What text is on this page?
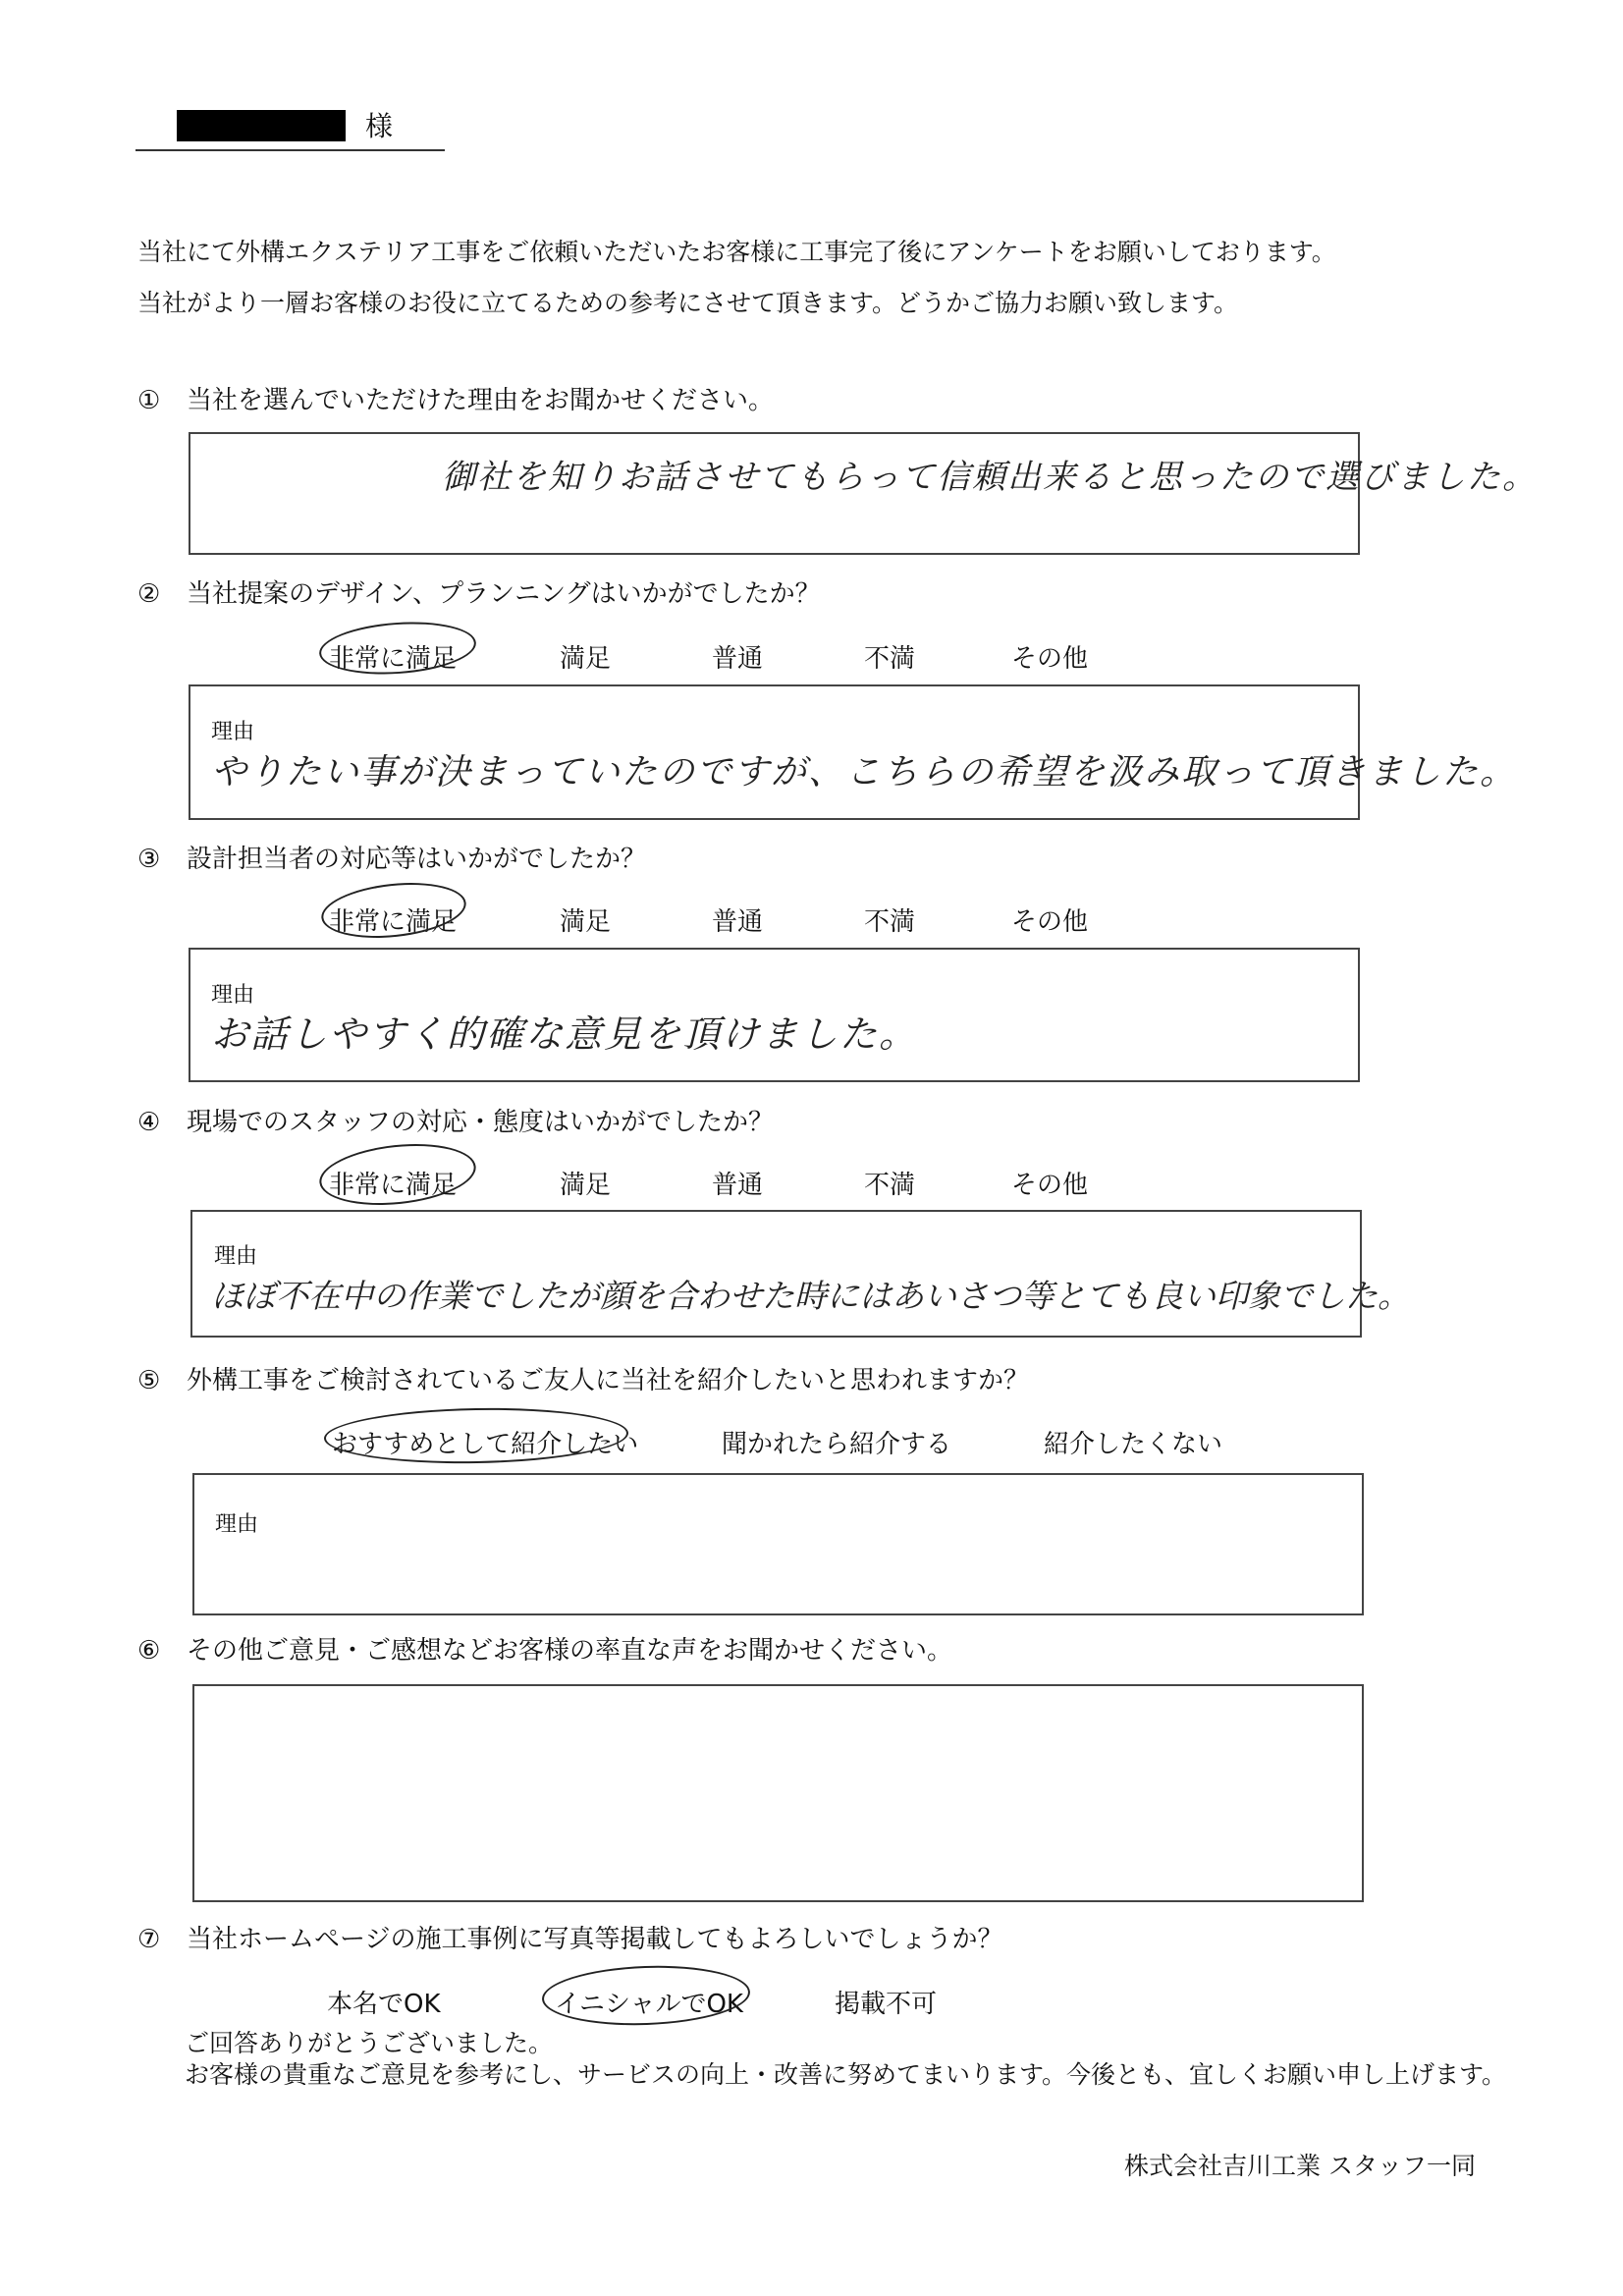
様
当社にて外構エクステリア工事をご依頼いただいたお客様に工事完了後にアンケートをお願いしております。
当社がより一層お客様のお役に立てるための参考にさせて頂きます。どうかご協力お願い致します。
① 当社を選んでいただけた理由をお聞かせください。
御社を知りお話させてもらって信頼出来ると思ったので選びました。
② 当社提案のデザイン、プランニングはいかがでしたか？
非常に満足	満足	普通	不満	その他
理由
やりたい事が決まっていたのですが、こちらの希望を汲み取って頂きました。
③ 設計担当者の対応等はいかがでしたか？
非常に満足	満足	普通	不満	その他
理由
お話しやすく的確な意見を頂けました。
④ 現場でのスタッフの対応・態度はいかがでしたか？
非常に満足	満足	普通	不満	その他
理由
ほぼ不在中の作業でしたが顔を合わせた時にはあいさつ等とても良い印象でした。
⑤ 外構工事をご検討されているご友人に当社を紹介したいと思われますか？
おすすめとして紹介したい	聞かれたら紹介する	紹介したくない
理由
⑥ その他ご意見・ご感想などお客様の率直な声をお聞かせください。
⑦ 当社ホームページの施工事例に写真等掲載してもよろしいでしょうか？
本名でOK	イニシャルでOK	掲載不可
ご回答ありがとうございました。
お客様の貴重なご意見を参考にし、サービスの向上・改善に努めてまいります。今後とも、宜しくお願い申し上げます。
株式会社吉川工業 スタッフ一同
